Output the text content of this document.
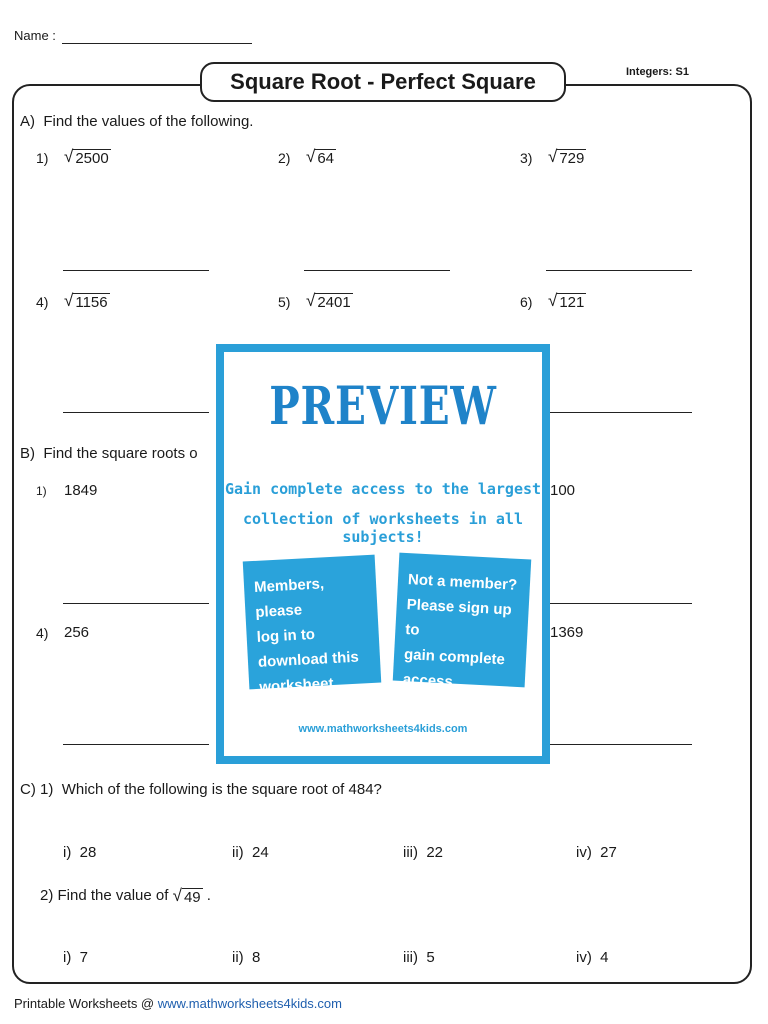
Name :
Integers: S1
Square Root - Perfect Square
A) Find the values of the following.
1) √ 2500	2) √ 64	3) √ 729
4) √ 1156	5) √ 2401	6) √ 121
B) Find the square roots o
1) 1849	100
4) 256	1369
C) 1) Which of the following is the square root of 484?
i) 28	ii) 24	iii) 22	iv) 27
2)
Find the value of
√ 49
.
i) 7	ii) 8	iii) 5	iv) 4
Printable Worksheets @ www.mathworksheets4kids.com
PREVIEW
Gain complete access to the largest
collection of worksheets in all subjects!
Members, please
log in to
download this
worksheet.
Not a member?
Please sign up to
gain complete
access.
www.mathworksheets4kids.com
